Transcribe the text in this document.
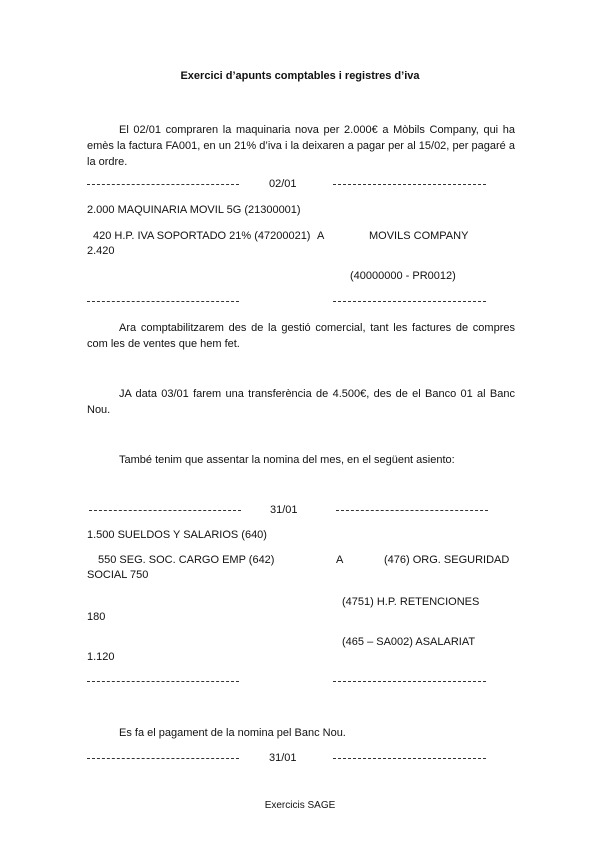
Exercici d’apunts comptables i registres d’iva
El 02/01 compraren la maquinaria nova per 2.000€ a Mòbils Company, qui ha emès la factura FA001, en un 21% d’iva i la deixaren a pagar per al 15/02, per pagaré a la ordre.
02/01
2.000 MAQUINARIA MOVIL 5G (21300001)
420 H.P. IVA SOPORTADO 21% (47200021) A	MOVILS COMPANY
2.420
(40000000 - PR0012)
Ara comptabilitzarem des de la gestió comercial, tant les factures de compres com les de ventes que hem fet.
JA data 03/01 farem una transferència de 4.500€, des de el Banco 01 al Banc Nou.
També tenim que assentar la nomina del mes, en el següent asiento:
31/01
1.500 SUELDOS Y SALARIOS (640)
550 SEG. SOC. CARGO EMP (642)	A	(476) ORG. SEGURIDAD
SOCIAL 750
(4751) H.P. RETENCIONES
180
(465 – SA002) ASALARIAT
1.120
Es fa el pagament de la nomina pel Banc Nou.
31/01
Exercicis SAGE
